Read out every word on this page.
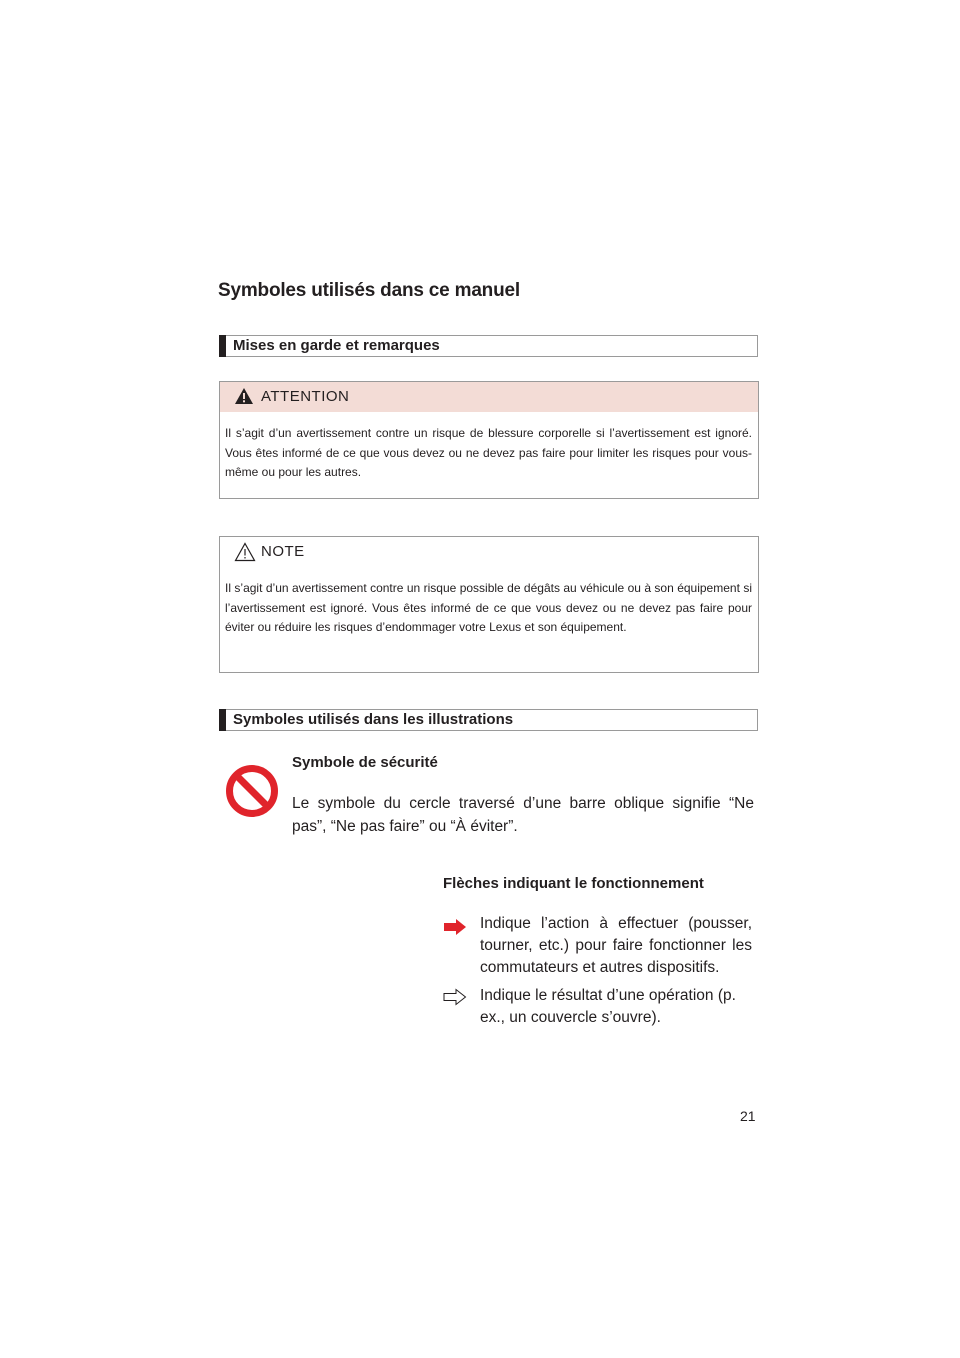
Symboles utilisés dans ce manuel
Mises en garde et remarques
ATTENTION
Il s’agit d’un avertissement contre un risque de blessure corporelle si l’avertissement est ignoré. Vous êtes informé de ce que vous devez ou ne devez pas faire pour limiter les risques pour vous-même ou pour les autres.
NOTE
Il s’agit d’un avertissement contre un risque possible de dégâts au véhicule ou à son équipement si l’avertissement est ignoré. Vous êtes informé de ce que vous devez ou ne devez pas faire pour éviter ou réduire les risques d’endommager votre Lexus et son équipement.
Symboles utilisés dans les illustrations
Symbole de sécurité
Le symbole du cercle traversé d’une barre oblique signifie “Ne pas”, “Ne pas faire” ou “À éviter”.
Flèches indiquant le fonctionnement
Indique l’action à effectuer (pousser, tourner, etc.) pour faire fonctionner les commutateurs et autres dispositifs.
Indique le résultat d’une opération (p. ex., un couvercle s’ouvre).
21
